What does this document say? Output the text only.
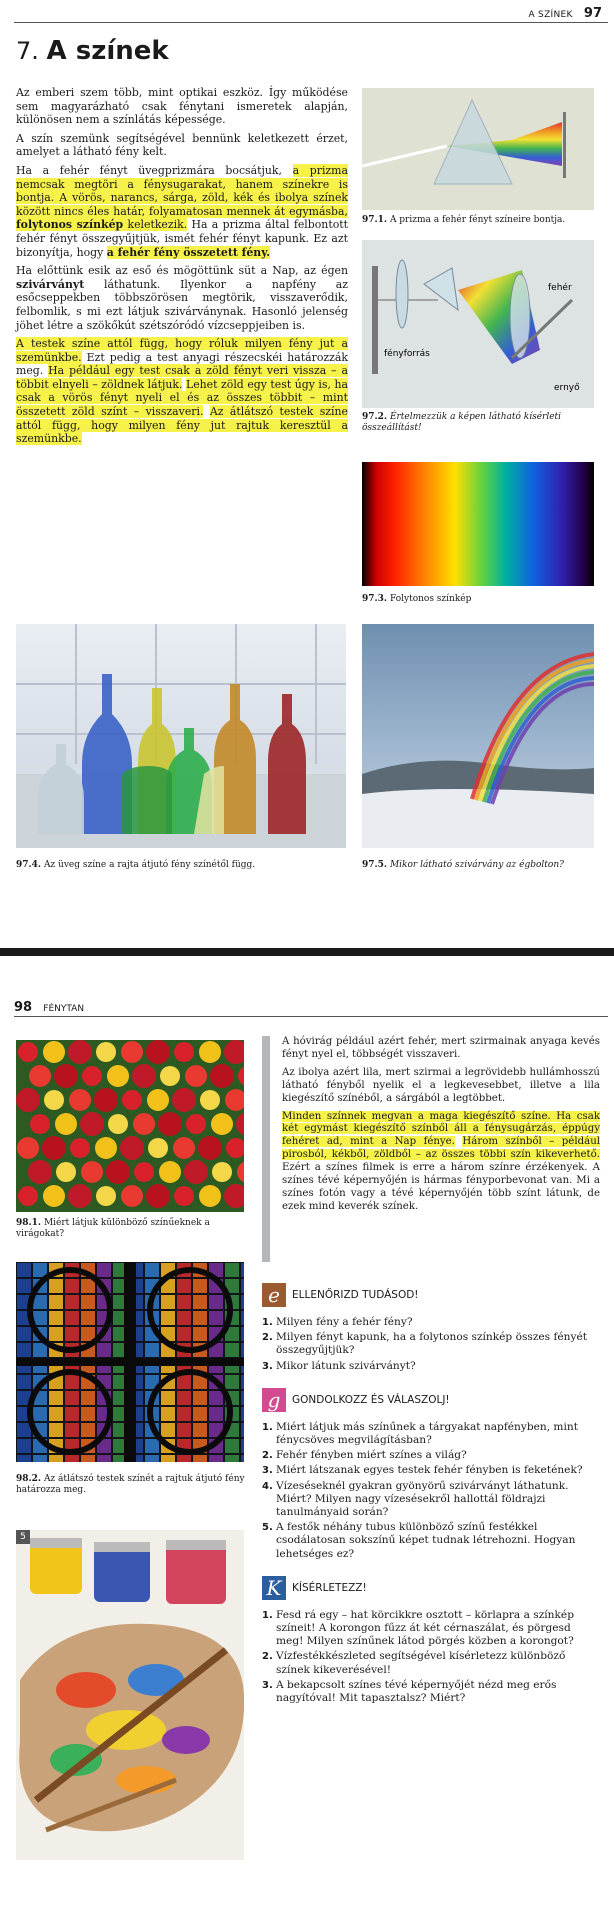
A SZÍNEK 97
7. A színek

Az emberi szem több, mint optikai eszköz. Így működése sem magyarázható csak fénytani ismeretek alapján, különösen nem a színlátás képessége.

A szín szemünk segítségével bennünk keletkezett érzet, amelyet a látható fény kelt.

Ha a fehér fényt üvegprizmára bocsátjuk, a prizma nemcsak megtöri a fénysugarakat, hanem színekre is bontja. A vörös, narancs, sárga, zöld, kék és ibolya színek között nincs éles határ, folyamatosan mennek át egymásba, folytonos színkép keletkezik. Ha a prizma által felbontott fehér fényt összegyűjtjük, ismét fehér fényt kapunk. Ez azt bizonyítja, hogy a fehér fény összetett fény.

Ha előttünk esik az eső és mögöttünk süt a Nap, az égen szivárványt láthatunk. Ilyenkor a napfény az esőcseppekben többszörösen megtörik, visszaverődik, felbomlik, s mi ezt látjuk szivárványnak. Hasonló jelenség jöhet létre a szökőkút szétszóródó vízcseppjeiben is.

A testek színe attól függ, hogy róluk milyen fény jut a szemünkbe. Ezt pedig a test anyagi részecskéi határozzák meg. Ha például egy test csak a zöld fényt veri vissza – a többit elnyeli – zöldnek látjuk. Lehet zöld egy test úgy is, ha csak a vörös fényt nyeli el és az összes többit – mint összetett zöld színt – visszaveri. Az átlátszó testek színe attól függ, hogy milyen fény jut rajtuk keresztül a szemünkbe.

97.1. A prizma a fehér fényt színeire bontja.
fehér
fényforrás
ernyő
97.2. Értelmezzük a képen látható kísérleti összeállítást!
97.3. Folytonos színkép
97.4. Az üveg színe a rajta átjutó fény színétől függ.	97.5. Mikor látható szivárvány az égbolton?
98 FÉNYTAN
98.1. Miért látjuk különböző színűeknek a virágokat?
98.2. Az átlátszó testek színét a rajtuk átjutó fény határozza meg.
5

A hóvirág például azért fehér, mert szirmainak anyaga kevés fényt nyel el, többségét visszaveri.

Az ibolya azért lila, mert szirmai a legrövidebb hullámhosszú látható fényből nyelik el a legkevesebbet, illetve a lila kiegészítő színéből, a sárgából a legtöbbet.

Minden színnek megvan a maga kiegészítő színe. Ha csak két egymást kiegészítő színből áll a fénysugárzás, éppúgy fehéret ad, mint a Nap fénye. Három színből – például pirosból, kékből, zöldből – az összes többi szín kikeverhető. Ezért a színes filmek is erre a három színre érzékenyek. A színes tévé képernyőjén is hármas fényporbevonat van. Mi a színes fotón vagy a tévé képernyőjén több színt látunk, de ezek mind keverék színek.

e	ELLENŐRIZD TUDÁSOD!
1. Milyen fény a fehér fény?
2. Milyen fényt kapunk, ha a folytonos színkép összes fényét összegyűjtjük?
3. Mikor látunk szivárványt?
g	GONDOLKOZZ ÉS VÁLASZOLJ!
1. Miért látjuk más színűnek a tárgyakat napfényben, mint fénycsöves megvilágításban?
2. Fehér fényben miért színes a világ?
3. Miért látszanak egyes testek fehér fényben is feketének?
4. Vízeséseknél gyakran gyönyörű szivárványt láthatunk. Miért? Milyen nagy vízesésekről hallottál földrajzi tanulmányaid során?
5. A festők néhány tubus különböző színű festékkel csodálatosan sokszínű képet tudnak létrehozni. Hogyan lehetséges ez?
K	KÍSÉRLETEZZ!
1. Fesd rá egy – hat körcikkre osztott – körlapra a színkép színeit! A korongon fűzz át két cérnaszálat, és pörgesd meg! Milyen színűnek látod pörgés közben a korongot?
2. Vízfestékkészleted segítségével kísérletezz különböző színek kikeverésével!
3. A bekapcsolt színes tévé képernyőjét nézd meg erős nagyítóval! Mit tapasztalsz? Miért?
